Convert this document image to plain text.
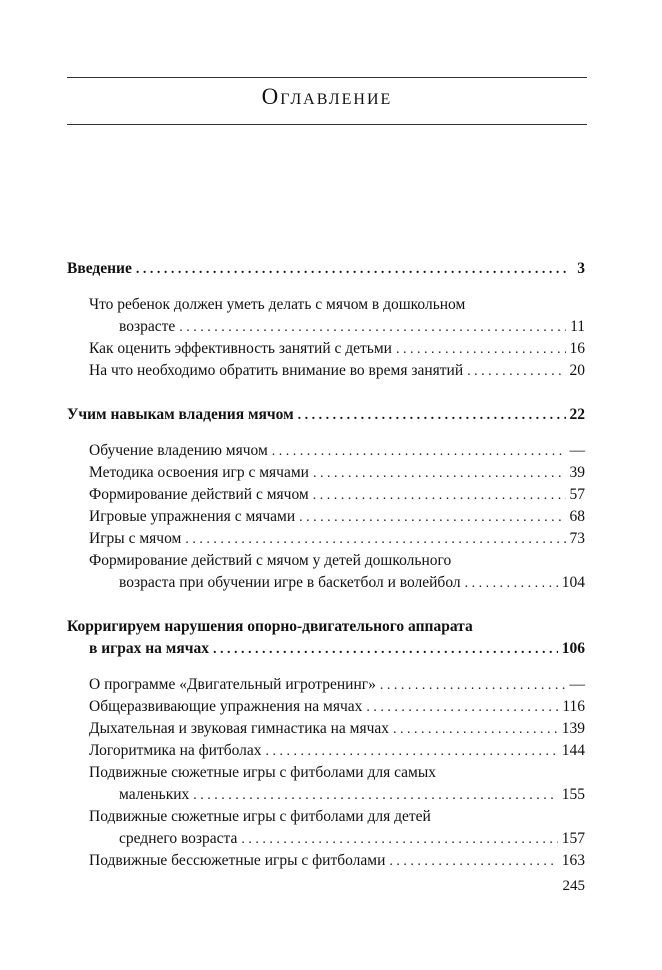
Оглавление
Введение . . .	3
Что ребенок должен уметь делать с мячом в дошкольном
возрасте . . .	11
Как оценить эффективность занятий с детьми . . .	16
На что необходимо обратить внимание во время занятий . . .	20
Учим навыкам владения мячом . . .	22
Обучение владению мячом . . .	—
Методика освоения игр с мячами . . .	39
Формирование действий с мячом . . .	57
Игровые упражнения с мячами . . .	68
Игры с мячом . . .	73
Формирование действий с мячом у детей дошкольного
возраста при обучении игре в баскетбол и волейбол . . .	104
Корригируем нарушения опорно-двигательного аппарата
в играх на мячах . . .	106
О программе «Двигательный игротренинг» . . .	—
Общеразвивающие упражнения на мячах . . .	116
Дыхательная и звуковая гимнастика на мячах . . .	139
Логоритмика на фитболах . . .	144
Подвижные сюжетные игры с фитболами для самых
маленьких . . .	155
Подвижные сюжетные игры с фитболами для детей
среднего возраста . . .	157
Подвижные бессюжетные игры с фитболами . . .	163
245
